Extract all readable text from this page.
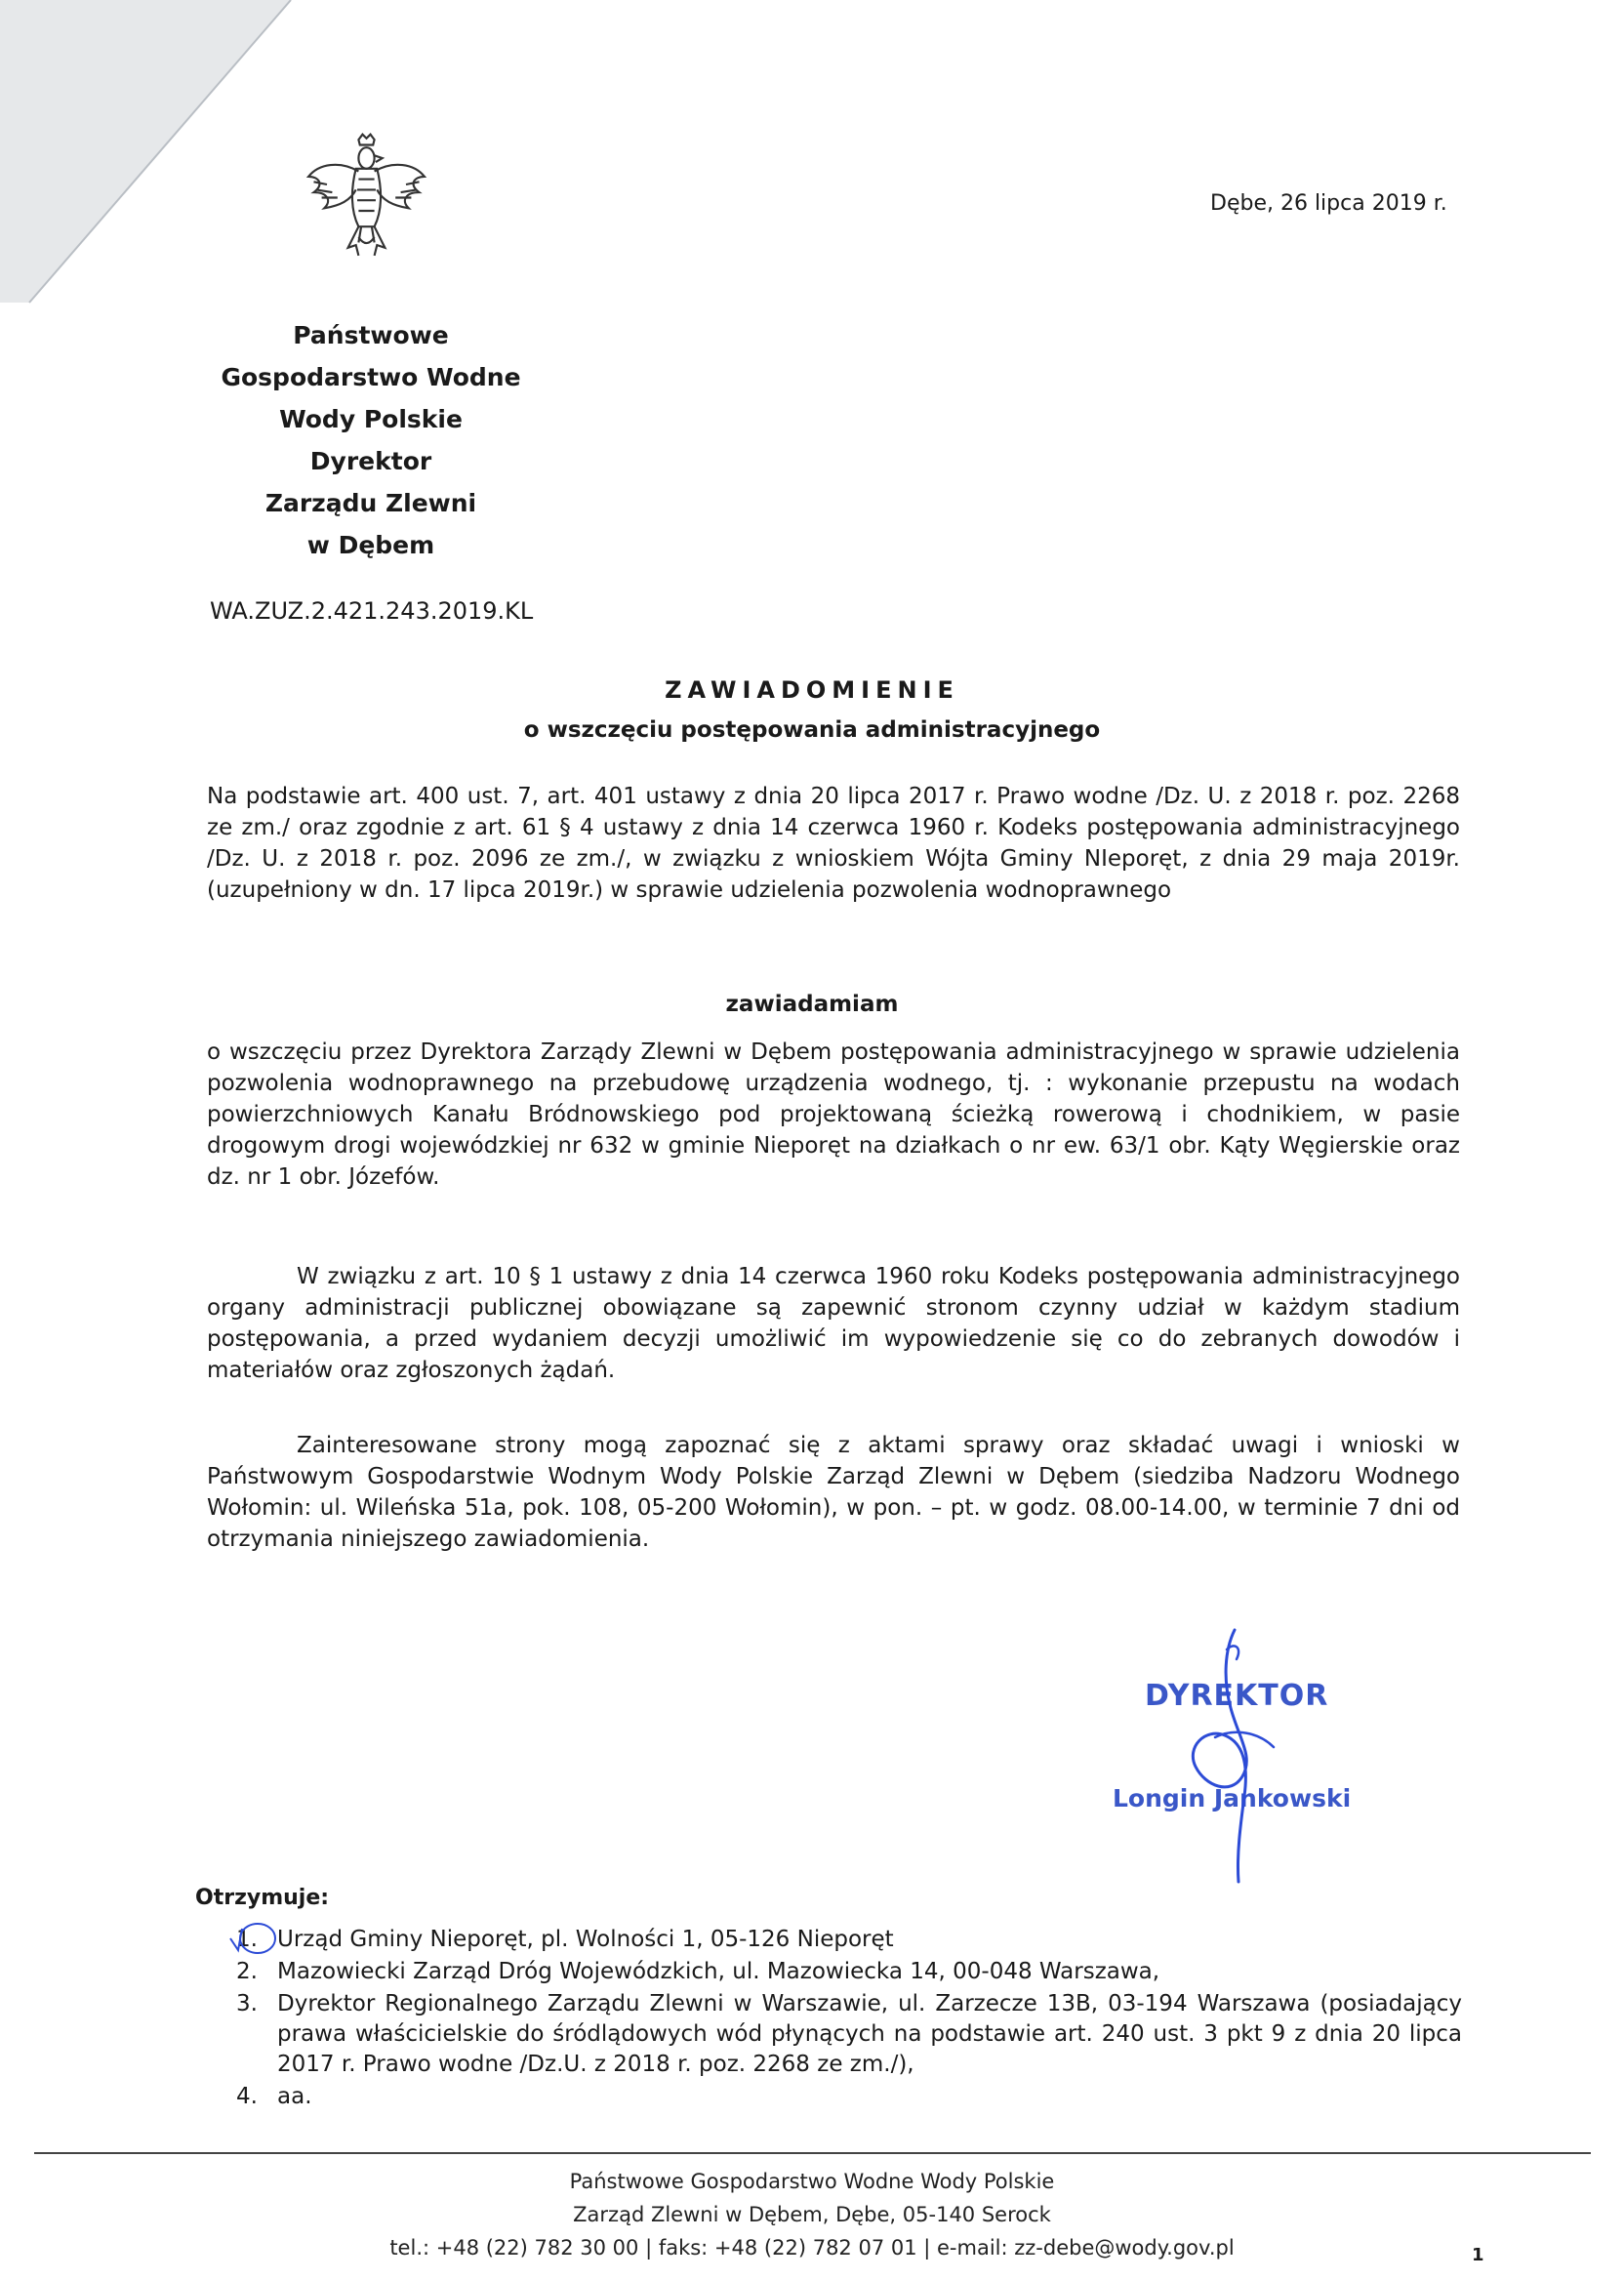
Dębe, 26 lipca 2019 r.
Państwowe
Gospodarstwo Wodne
Wody Polskie
Dyrektor
Zarządu Zlewni
w Dębem
WA.ZUZ.2.421.243.2019.KL
ZAWIADOMIENIE
o wszczęciu postępowania administracyjnego

Na podstawie art. 400 ust. 7, art. 401 ustawy z dnia 20 lipca 2017 r. Prawo wodne /Dz. U. z 2018 r. poz. 2268 ze zm./ oraz zgodnie z art. 61 § 4 ustawy z dnia 14 czerwca 1960 r. Kodeks postępowania administracyjnego /Dz. U. z 2018 r. poz. 2096 ze zm./, w związku z wnioskiem Wójta Gminy NIeporęt, z dnia 29 maja 2019r. (uzupełniony w dn. 17 lipca 2019r.) w sprawie udzielenia pozwolenia wodnoprawnego

zawiadamiam

o wszczęciu przez Dyrektora Zarządy Zlewni w Dębem postępowania administracyjnego w sprawie udzielenia pozwolenia wodnoprawnego na przebudowę urządzenia wodnego, tj. : wykonanie przepustu na wodach powierzchniowych Kanału Bródnowskiego pod projektowaną ścieżką rowerową i chodnikiem, w pasie drogowym drogi wojewódzkiej nr 632 w gminie Nieporęt na działkach o nr ew. 63/1 obr. Kąty Węgierskie oraz dz. nr 1 obr. Józefów.

W związku z art. 10 § 1 ustawy z dnia 14 czerwca 1960 roku Kodeks postępowania administracyjnego organy administracji publicznej obowiązane są zapewnić stronom czynny udział w każdym stadium postępowania, a przed wydaniem decyzji umożliwić im wypowiedzenie się co do zebranych dowodów i materiałów oraz zgłoszonych żądań.

Zainteresowane strony mogą zapoznać się z aktami sprawy oraz składać uwagi i wnioski w Państwowym Gospodarstwie Wodnym Wody Polskie Zarząd Zlewni w Dębem (siedziba Nadzoru Wodnego Wołomin: ul. Wileńska 51a, pok. 108, 05-200 Wołomin), w pon. – pt. w godz. 08.00-14.00, w terminie 7 dni od otrzymania niniejszego zawiadomienia.

DYREKTOR
Longin Jankowski
Otrzymuje:
1. Urząd Gminy Nieporęt, pl. Wolności 1, 05-126 Nieporęt
2. Mazowiecki Zarząd Dróg Wojewódzkich, ul. Mazowiecka 14, 00-048 Warszawa,
3. Dyrektor Regionalnego Zarządu Zlewni w Warszawie, ul. Zarzecze 13B, 03-194 Warszawa (posiadający prawa właścicielskie do śródlądowych wód płynących na podstawie art. 240 ust. 3 pkt 9 z dnia 20 lipca 2017 r. Prawo wodne /Dz.U. z 2018 r. poz. 2268 ze zm./),
4. aa.
Państwowe Gospodarstwo Wodne Wody Polskie
Zarząd Zlewni w Dębem, Dębe, 05-140 Serock
tel.: +48 (22) 782 30 00 | faks: +48 (22) 782 07 01 | e-mail: zz-debe@wody.gov.pl	1
